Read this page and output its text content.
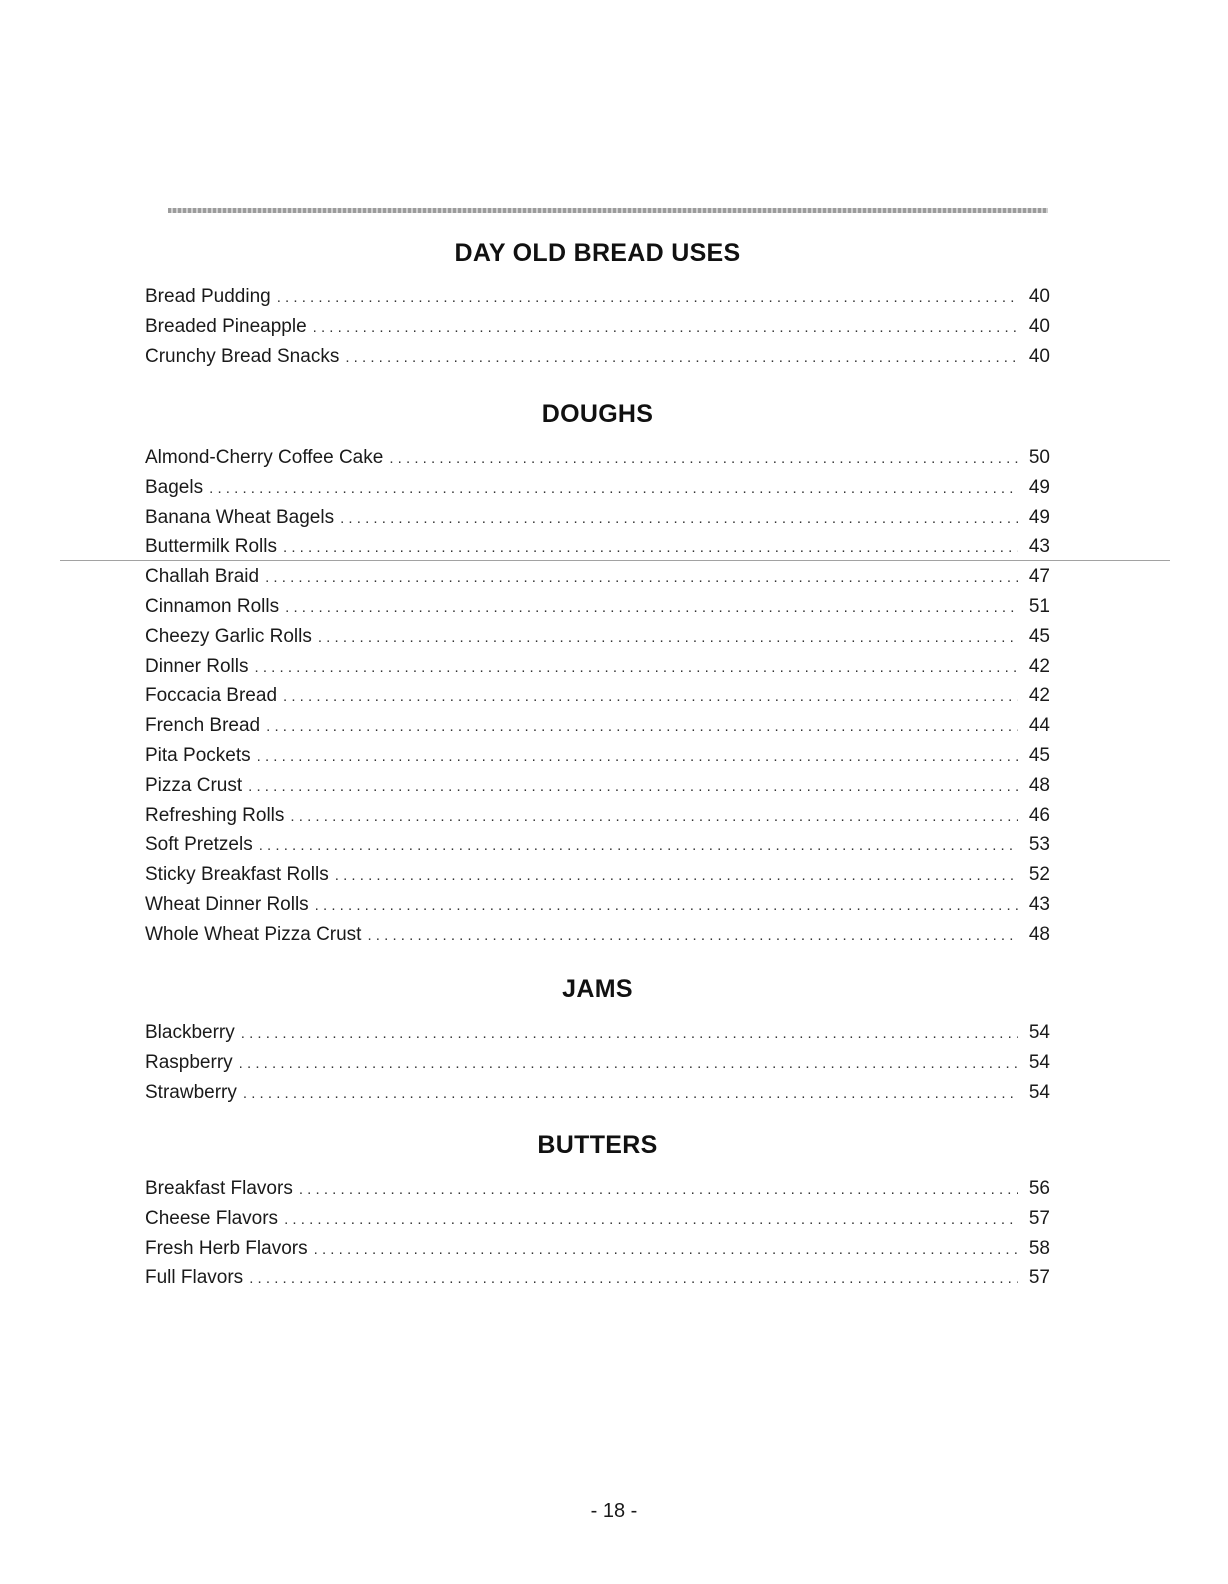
DAY OLD BREAD USES
Bread Pudding . . .	40
Breaded Pineapple . . .	40
Crunchy Bread Snacks . . .	40
DOUGHS
Almond-Cherry Coffee Cake . . .	50
Bagels . . .	49
Banana Wheat Bagels . . .	49
Buttermilk Rolls . . .	43
Challah Braid . . .	47
Cinnamon Rolls . . .	51
Cheezy Garlic Rolls . . .	45
Dinner Rolls . . .	42
Foccacia Bread . . .	42
French Bread . . .	44
Pita Pockets . . .	45
Pizza Crust . . .	48
Refreshing Rolls . . .	46
Soft Pretzels . . .	53
Sticky Breakfast Rolls . . .	52
Wheat Dinner Rolls . . .	43
Whole Wheat Pizza Crust . . .	48
JAMS
Blackberry . . .	54
Raspberry . . .	54
Strawberry . . .	54
BUTTERS
Breakfast Flavors . . .	56
Cheese Flavors . . .	57
Fresh Herb Flavors . . .	58
Full Flavors . . .	57
- 18 -
